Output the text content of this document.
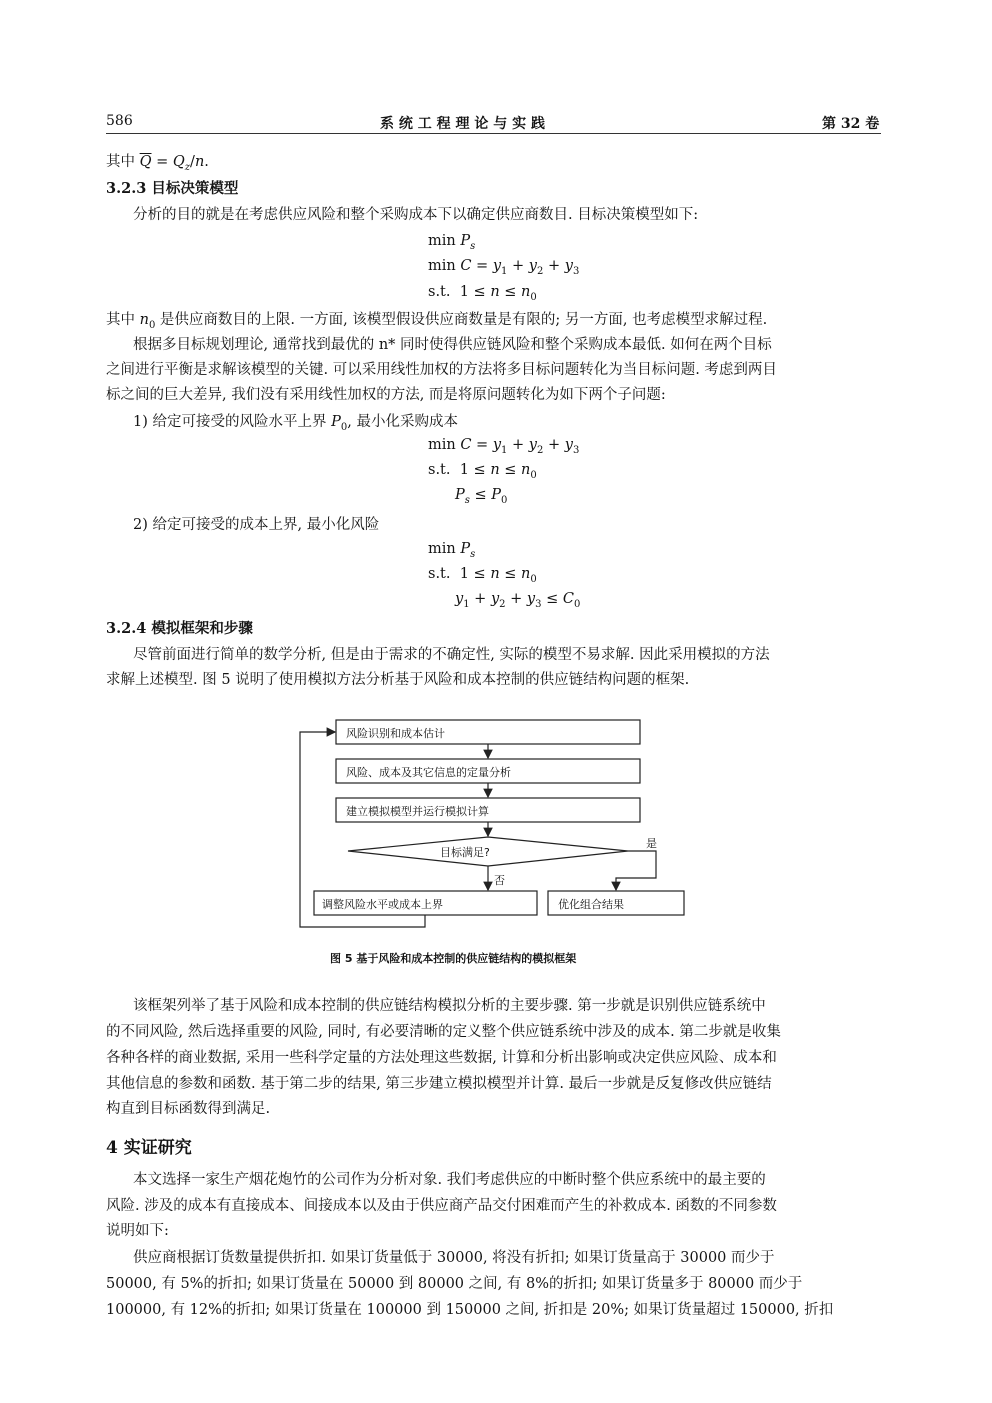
586	系 统 工 程 理 论 与 实 践	第 32 卷
其中 $\overline{Q} = Q_z/n$.
3.2.3 目标决策模型
分析的目的就是在考虑供应风险和整个采购成本下以确定供应商数目. 目标决策模型如下:
$\min P_s$
$\min C = y_1 + y_2 + y_3$
s.t.  $1 \le n \le n_0$
其中 $n_0$ 是供应商数目的上限. 一方面, 该模型假设供应商数量是有限的; 另一方面, 也考虑模型求解过程.
根据多目标规划理论, 通常找到最优的 n* 同时使得供应链风险和整个采购成本最低. 如何在两个目标
之间进行平衡是求解该模型的关键. 可以采用线性加权的方法将多目标问题转化为当目标问题. 考虑到两目
标之间的巨大差异, 我们没有采用线性加权的方法, 而是将原问题转化为如下两个子问题:
1) 给定可接受的风险水平上界 $P_0$, 最小化采购成本
$\min C = y_1 + y_2 + y_3$
s.t.  $1 \le n \le n_0$
$P_s \le P_0$
2) 给定可接受的成本上界, 最小化风险
$\min P_s$
s.t.  $1 \le n \le n_0$
$y_1 + y_2 + y_3 \le C_0$
3.2.4 模拟框架和步骤
尽管前面进行简单的数学分析, 但是由于需求的不确定性, 实际的模型不易求解. 因此采用模拟的方法
求解上述模型. 图 5 说明了使用模拟方法分析基于风险和成本控制的供应链结构问题的框架.
风险识别和成本估计
风险、成本及其它信息的定量分析
建立模拟模型并运行模拟计算
目标满足?
调整风险水平或成本上界	优化组合结果
否
是
图 5 基于风险和成本控制的供应链结构的模拟框架
该框架列举了基于风险和成本控制的供应链结构模拟分析的主要步骤. 第一步就是识别供应链系统中
的不同风险, 然后选择重要的风险, 同时, 有必要清晰的定义整个供应链系统中涉及的成本. 第二步就是收集
各种各样的商业数据, 采用一些科学定量的方法处理这些数据, 计算和分析出影响或决定供应风险、成本和
其他信息的参数和函数. 基于第二步的结果, 第三步建立模拟模型并计算. 最后一步就是反复修改供应链结
构直到目标函数得到满足.
4 实证研究
本文选择一家生产烟花炮竹的公司作为分析对象. 我们考虑供应的中断时整个供应系统中的最主要的
风险. 涉及的成本有直接成本、间接成本以及由于供应商产品交付困难而产生的补救成本. 函数的不同参数
说明如下:
供应商根据订货数量提供折扣. 如果订货量低于 30000, 将没有折扣; 如果订货量高于 30000 而少于
50000, 有 5%的折扣; 如果订货量在 50000 到 80000 之间, 有 8%的折扣; 如果订货量多于 80000 而少于
100000, 有 12%的折扣; 如果订货量在 100000 到 150000 之间, 折扣是 20%; 如果订货量超过 150000, 折扣
